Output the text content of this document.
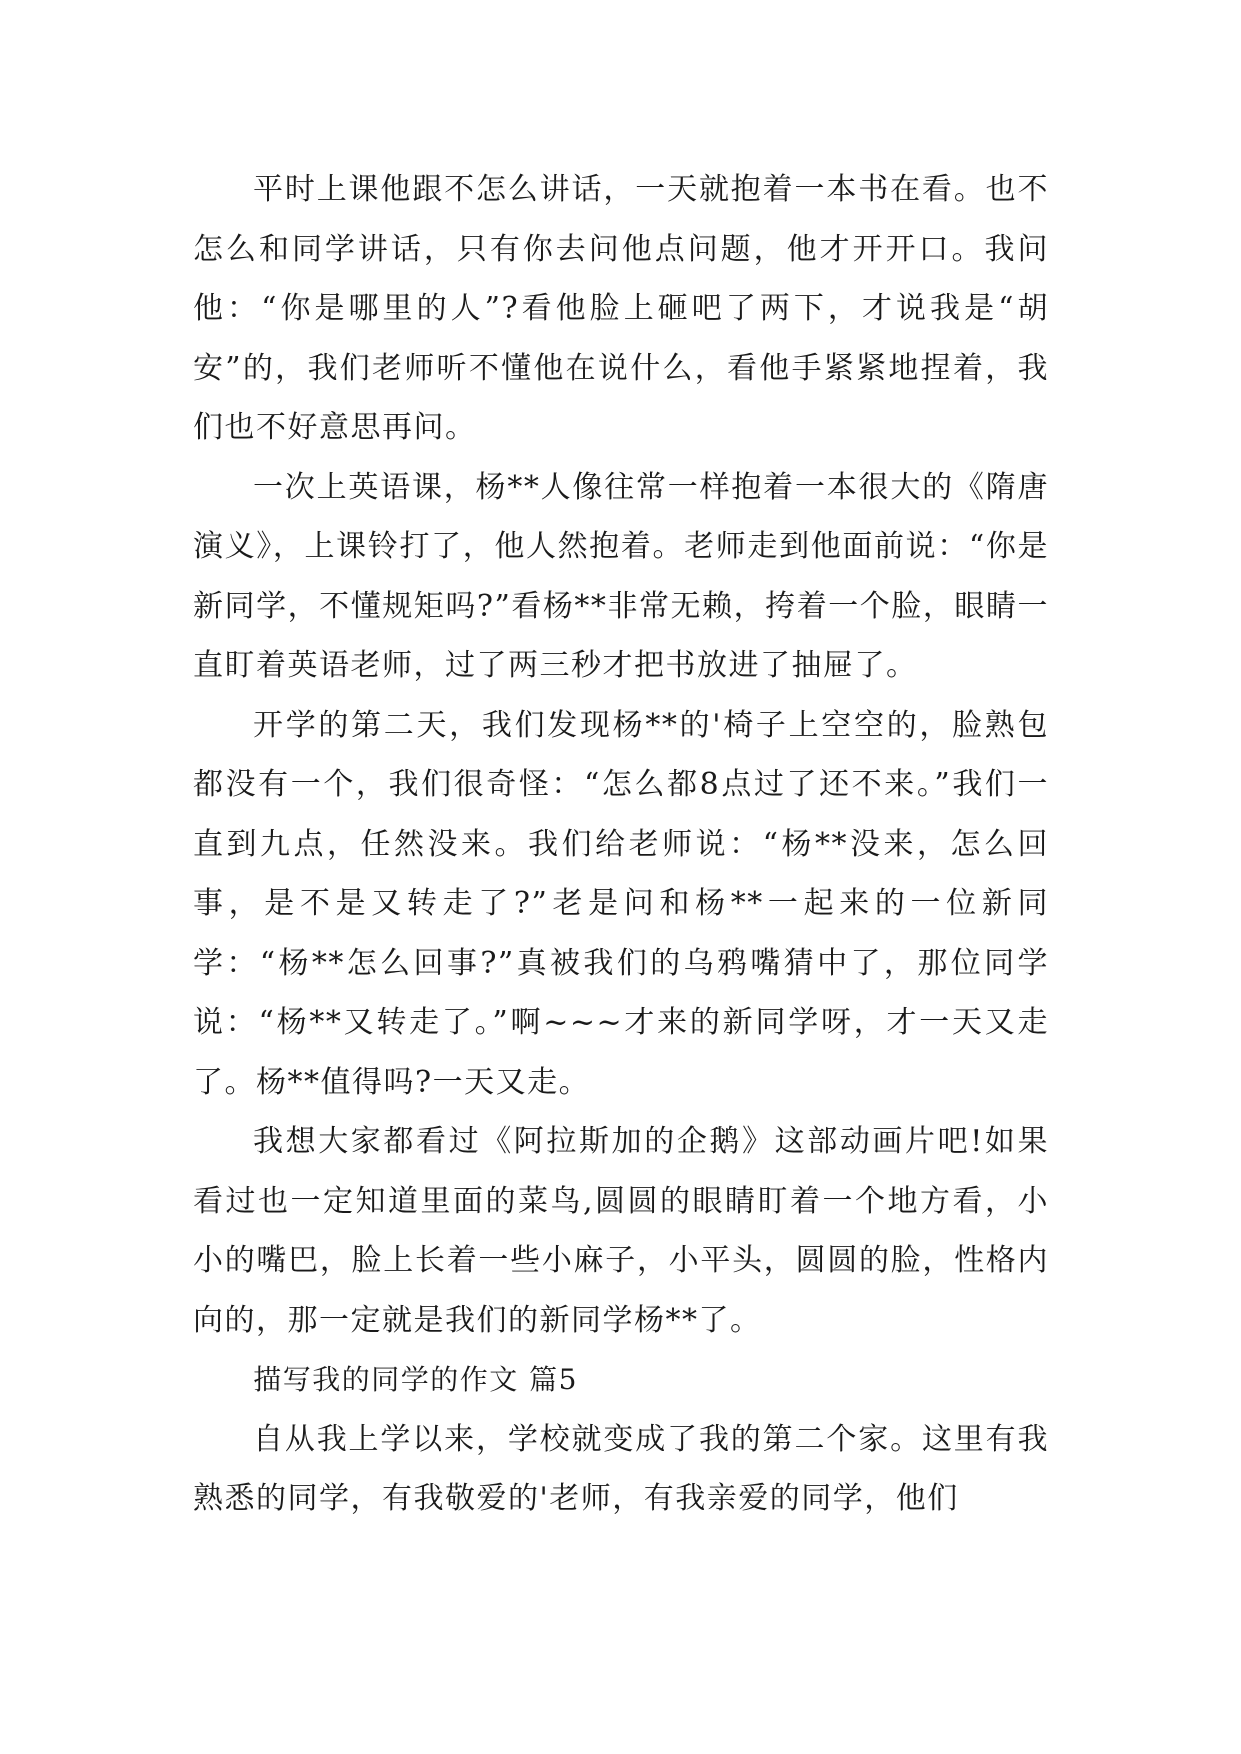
平时上课他跟不怎么讲话，一天就抱着一本书在看。也不怎么和同学讲话，只有你去问他点问题，他才开开口。我问他：“你是哪里的人”?看他脸上砸吧了两下，才说我是“胡安”的，我们老师听不懂他在说什么，看他手紧紧地捏着，我们也不好意思再问。

一次上英语课，杨**人像往常一样抱着一本很大的《隋唐演义》，上课铃打了，他人然抱着。老师走到他面前说：“你是新同学，不懂规矩吗?”看杨**非常无赖，挎着一个脸，眼睛一直盯着英语老师，过了两三秒才把书放进了抽屉了。

开学的第二天，我们发现杨**的'椅子上空空的，脸熟包都没有一个，我们很奇怪：“怎么都8点过了还不来。”我们一直到九点，任然没来。我们给老师说：“杨**没来，怎么回事，是不是又转走了?”老是问和杨**一起来的一位新同学：“杨**怎么回事?”真被我们的乌鸦嘴猜中了，那位同学说：“杨**又转走了。”啊~~~才来的新同学呀，才一天又走了。杨**值得吗?一天又走。

我想大家都看过《阿拉斯加的企鹅》这部动画片吧!如果看过也一定知道里面的菜鸟,圆圆的眼睛盯着一个地方看，小小的嘴巴，脸上长着一些小麻子，小平头，圆圆的脸，性格内向的，那一定就是我们的新同学杨**了。

描写我的同学的作文 篇5

自从我上学以来，学校就变成了我的第二个家。这里有我熟悉的同学，有我敬爱的'老师，有我亲爱的同学，他们
